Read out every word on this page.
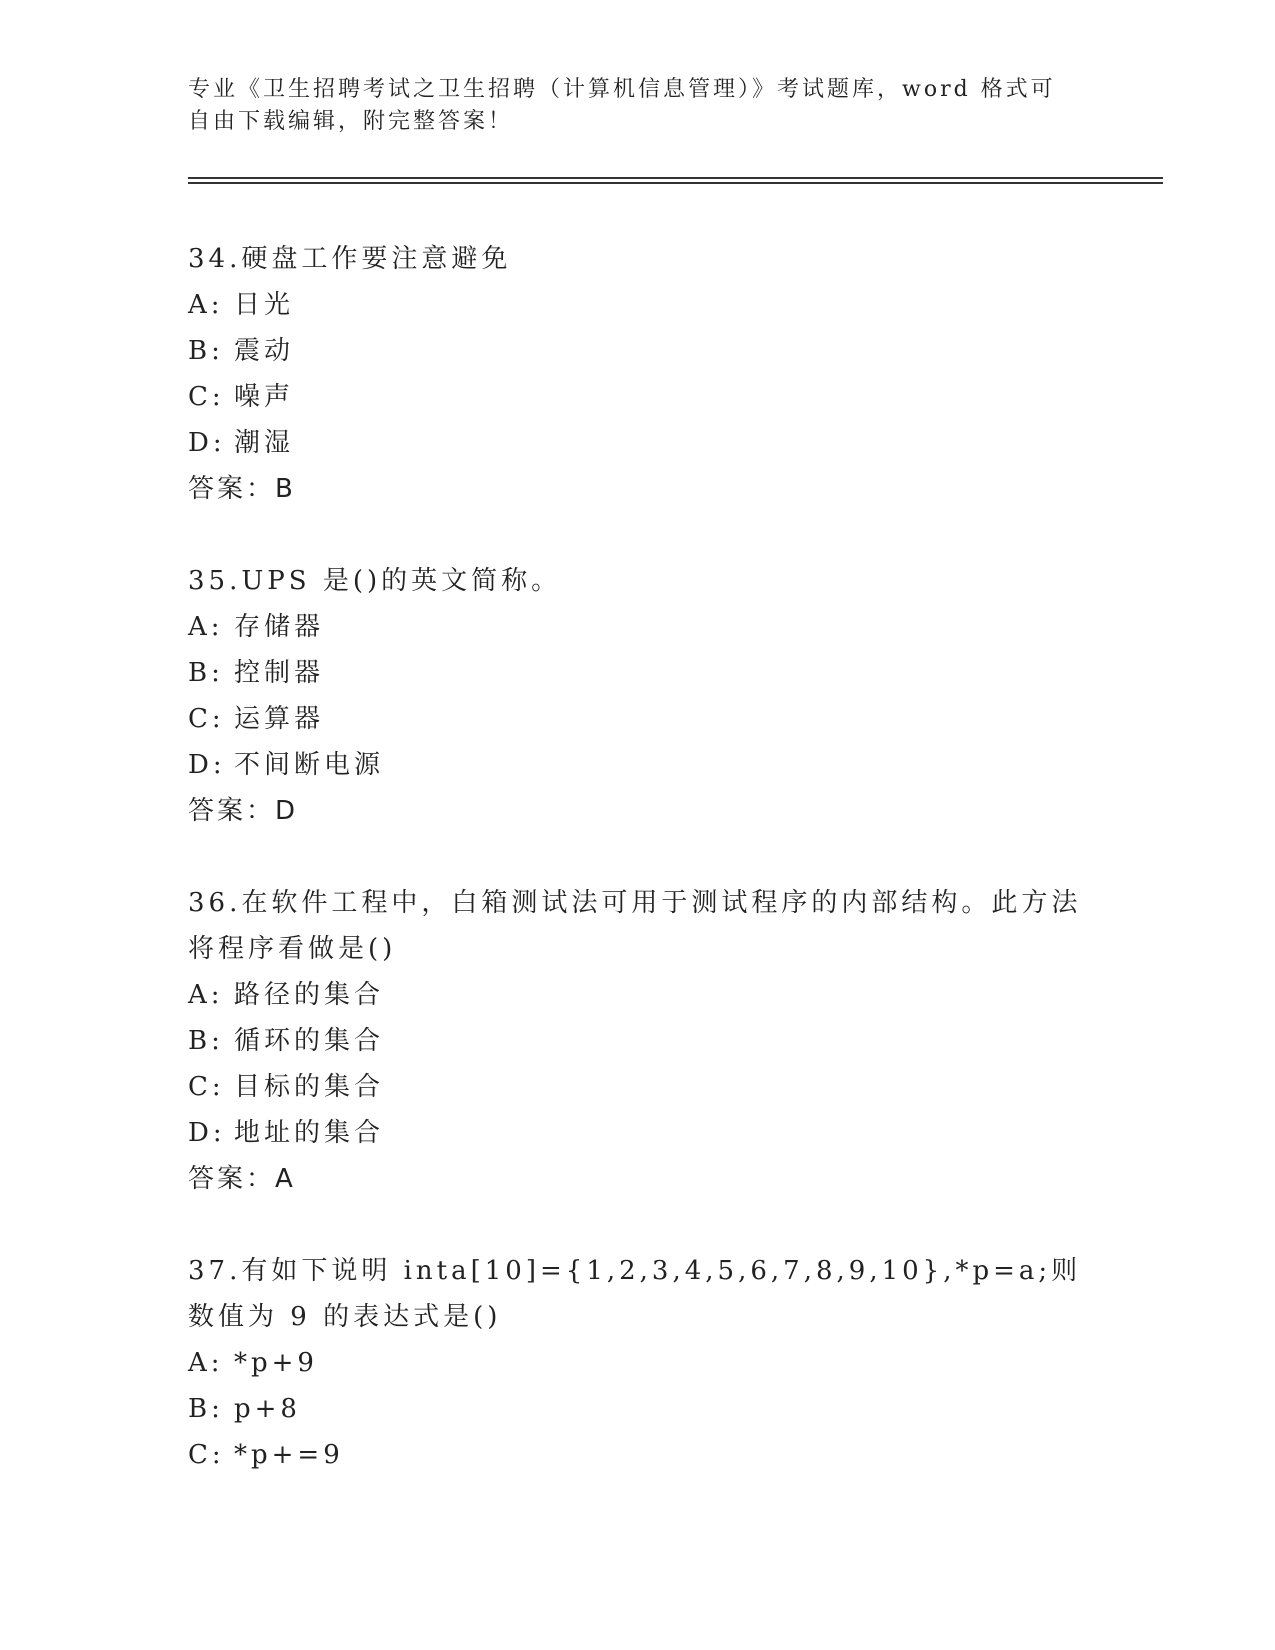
专业《卫生招聘考试之卫生招聘（计算机信息管理）》考试题库，word 格式可自由下载编辑，附完整答案！

34.硬盘工作要注意避免

A: 日光

B: 震动

C: 噪声

D: 潮湿

答案：B

35.UPS 是()的英文简称。

A: 存储器

B: 控制器

C: 运算器

D: 不间断电源

答案：D

36.在软件工程中，白箱测试法可用于测试程序的内部结构。此方法将程序看做是()

A: 路径的集合

B: 循环的集合

C: 目标的集合

D: 地址的集合

答案：A

37.有如下说明 inta[10]={1,2,3,4,5,6,7,8,9,10},*p=a;则数值为 9 的表达式是()

A: *p+9

B: p+8

C: *p+=9
